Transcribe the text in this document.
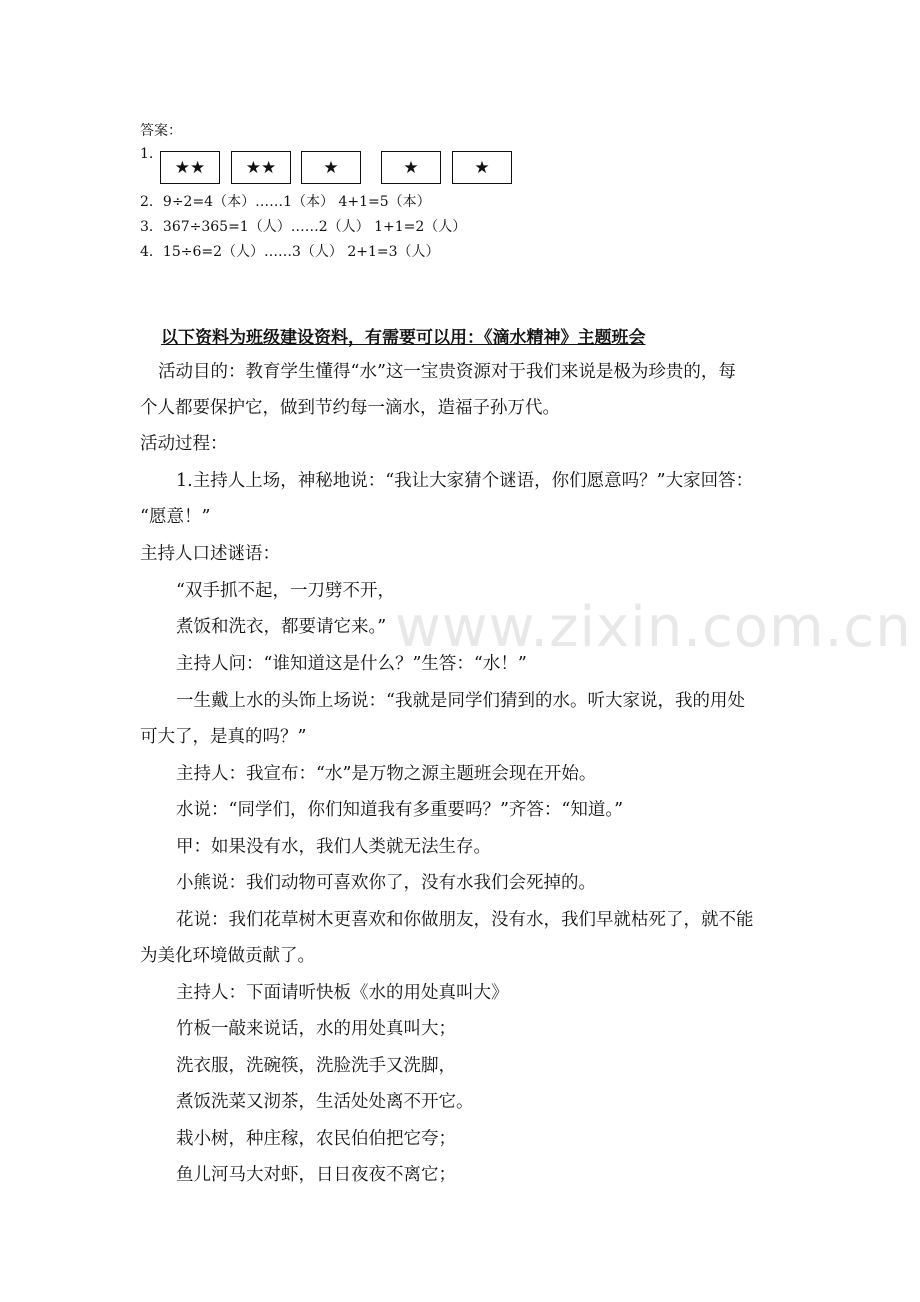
www.zixin.com.cn
答案：
1.
★★	★★	★	★	★
2．9÷2=4（本）……1（本） 4+1=5（本）
3．367÷365=1（人）……2（人） 1+1=2（人）
4．15÷6=2（人）……3（人） 2+1=3（人）
以下资料为班级建设资料，有需要可以用：《滴水精神》主题班会
活动目的：教育学生懂得“水”这一宝贵资源对于我们来说是极为珍贵的，每
个人都要保护它，做到节约每一滴水，造福子孙万代。
活动过程：
1.主持人上场，神秘地说：“我让大家猜个谜语，你们愿意吗？”大家回答：
“愿意！”
主持人口述谜语：
“双手抓不起，一刀劈不开，
煮饭和洗衣，都要请它来。”
主持人问：“谁知道这是什么？”生答：“水！”
一生戴上水的头饰上场说：“我就是同学们猜到的水。听大家说，我的用处
可大了，是真的吗？”
主持人：我宣布：“水”是万物之源主题班会现在开始。
水说：“同学们，你们知道我有多重要吗？”齐答：“知道。”
甲：如果没有水，我们人类就无法生存。
小熊说：我们动物可喜欢你了，没有水我们会死掉的。
花说：我们花草树木更喜欢和你做朋友，没有水，我们早就枯死了，就不能
为美化环境做贡献了。
主持人：下面请听快板《水的用处真叫大》
竹板一敲来说话，水的用处真叫大；
洗衣服，洗碗筷，洗脸洗手又洗脚，
煮饭洗菜又沏茶，生活处处离不开它。
栽小树，种庄稼，农民伯伯把它夸；
鱼儿河马大对虾，日日夜夜不离它；
